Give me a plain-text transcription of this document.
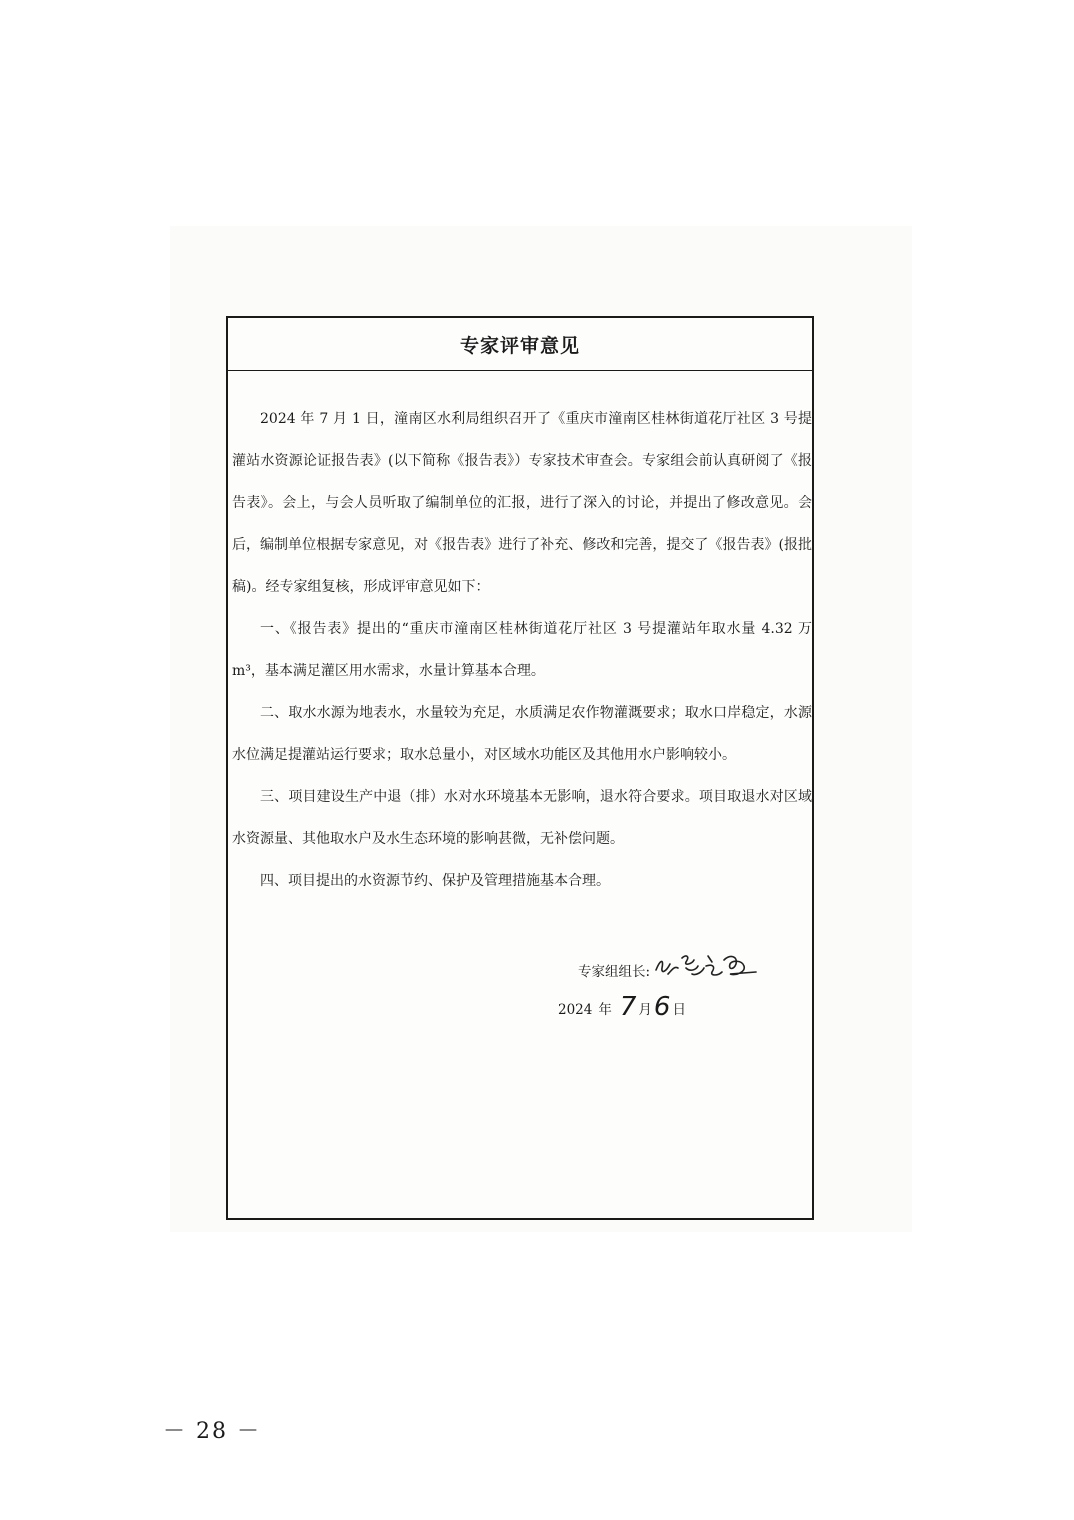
专家评审意见

2024 年 7 月 1 日，潼南区水利局组织召开了《重庆市潼南区桂林街道花厅社区 3 号提灌站水资源论证报告表》(以下简称《报告表》）专家技术审查会。专家组会前认真研阅了《报告表》。会上，与会人员听取了编制单位的汇报，进行了深入的讨论，并提出了修改意见。会后，编制单位根据专家意见，对《报告表》进行了补充、修改和完善，提交了《报告表》(报批稿)。经专家组复核，形成评审意见如下：

一、《报告表》提出的“重庆市潼南区桂林街道花厅社区 3 号提灌站年取水量 4.32 万 m³，基本满足灌区用水需求，水量计算基本合理。

二、取水水源为地表水，水量较为充足，水质满足农作物灌溉要求；取水口岸稳定，水源水位满足提灌站运行要求；取水总量小，对区域水功能区及其他用水户影响较小。

三、项目建设生产中退（排）水对水环境基本无影响，退水符合要求。项目取退水对区域水资源量、其他取水户及水生态环境的影响甚微，无补偿问题。

四、项目提出的水资源节约、保护及管理措施基本合理。

专家组组长:
2024 年 7 月 6 日
－ 28 －
